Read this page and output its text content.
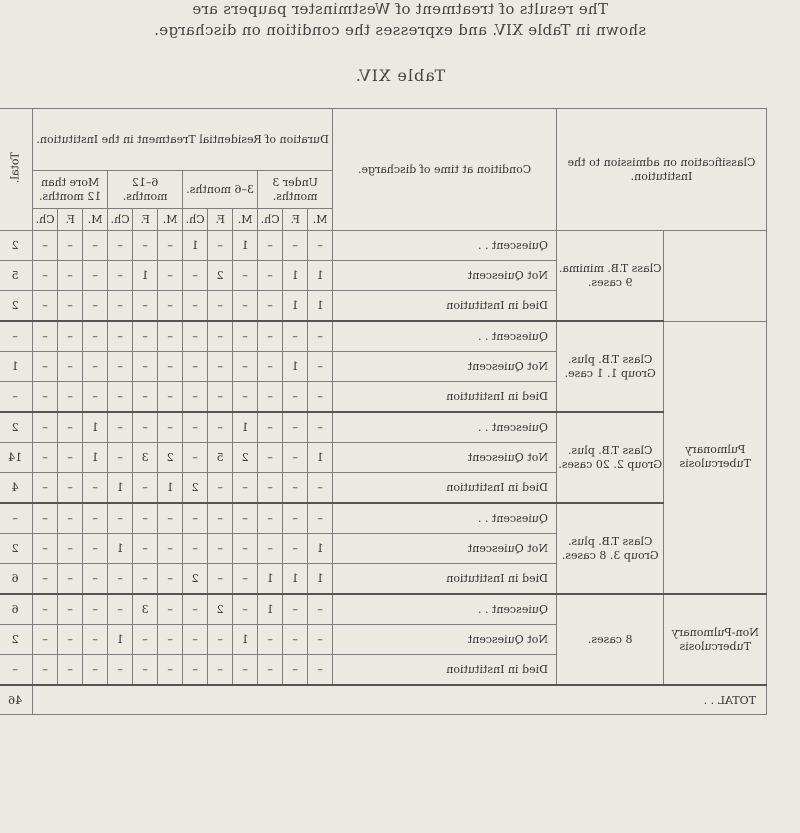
The results of treatment of Westminster paupers are
shown in Table XIV. and expresses the condition on discharge.
Table XIV.
Classification on admission to the Institution.		Condition at time of discharge.	Duration of Residential Treatment in the Institution.												Total.
			Under 3 months.			3–6 months.			6–12 months.			More than 12 months.			
			M.	F.	Ch.	M.	F.	Ch.	M.	F.	Ch.	M.	F.	Ch.	
	Class T.B. minima. 9 cases.	Quiescent . .	–	–	–	1	–	1	–	–	–	–	–	–	2
		Not Quiescent	1	1	–	–	2	–	–	1	–	–	–	–	5
		Died in Institution	1	1	–	–	–	–	–	–	–	–	–	–	2
Pulmonary Tuberculosis	Class T.B. plus. Group 1. 1 case.	Quiescent . .	–	–	–	–	–	–	–	–	–	–	–	–	–
		Not Quiescent	–	1	–	–	–	–	–	–	–	–	–	–	1
		Died in Institution	–	–	–	–	–	–	–	–	–	–	–	–	–
	Class T.B. plus. Group 2. 20 cases.	Quiescent . .	–	–	–	1	–	–	–	–	–	1	–	–	2
		Not Quiescent	1	–	–	2	5	–	2	3	–	1	–	–	14
		Died in Institution	–	–	–	–	–	2	1	–	1	–	–	–	4
	Class T.B. plus. Group 3. 8 cases.	Quiescent . .	–	–	–	–	–	–	–	–	–	–	–	–	–
		Not Quiescent	1	–	–	–	–	–	–	–	1	–	–	–	2
		Died in Institution	1	1	1	–	–	2	–	–	–	–	–	–	6
Non-Pulmonary Tuberculosis	8 cases.	Quiescent . .	–	–	1	–	2	–	–	3	–	–	–	–	6
		Not Quiescent	–	–	–	1	–	–	–	–	1	–	–	–	2
		Died in Institution	–	–	–	–	–	–	–	–	–	–	–	–	–
TOTAL . .															46
